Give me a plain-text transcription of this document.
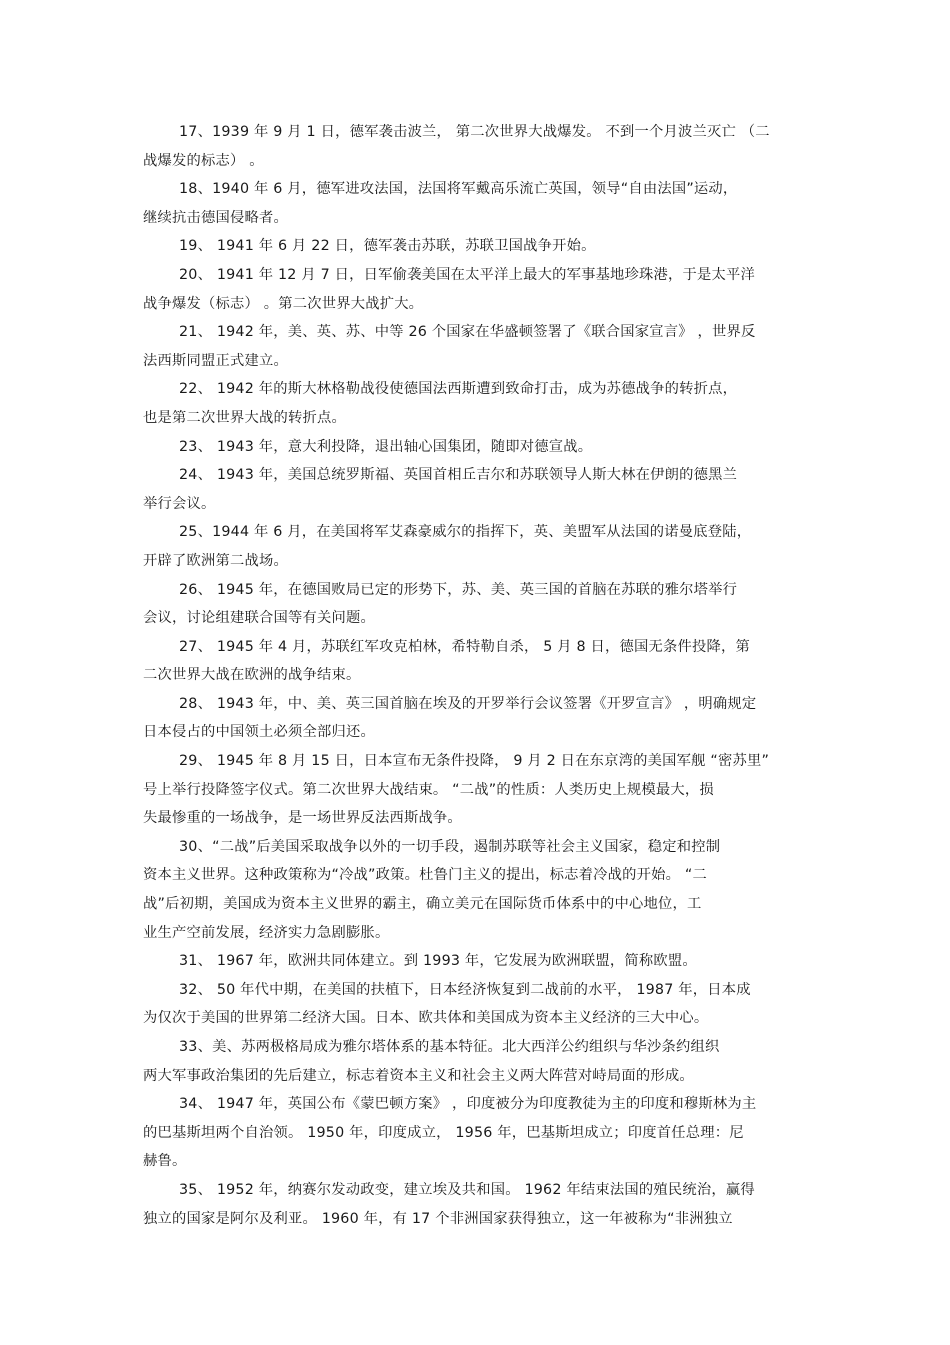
17、1939 年 9 月 1 日，德军袭击波兰， 第二次世界大战爆发。 不到一个月波兰灭亡 （二
战爆发的标志） 。
18、1940 年 6 月，德军进攻法国，法国将军戴高乐流亡英国，领导“自由法国”运动，
继续抗击德国侵略者。
19、 1941 年 6 月 22 日，德军袭击苏联，苏联卫国战争开始。
20、 1941 年 12 月 7 日，日军偷袭美国在太平洋上最大的军事基地珍珠港，于是太平洋
战争爆发（标志） 。第二次世界大战扩大。
21、 1942 年，美、英、苏、中等 26 个国家在华盛顿签署了《联合国家宣言》 ，世界反
法西斯同盟正式建立。
22、 1942 年的斯大林格勒战役使德国法西斯遭到致命打击，成为苏德战争的转折点，
也是第二次世界大战的转折点。
23、 1943 年，意大利投降，退出轴心国集团，随即对德宣战。
24、 1943 年，美国总统罗斯福、英国首相丘吉尔和苏联领导人斯大林在伊朗的德黑兰
举行会议。
25、1944 年 6 月，在美国将军艾森豪威尔的指挥下，英、美盟军从法国的诺曼底登陆，
开辟了欧洲第二战场。
26、 1945 年，在德国败局已定的形势下，苏、美、英三国的首脑在苏联的雅尔塔举行
会议，讨论组建联合国等有关问题。
27、 1945 年 4 月，苏联红军攻克柏林，希特勒自杀， 5 月 8 日，德国无条件投降，第
二次世界大战在欧洲的战争结束。
28、 1943 年，中、美、英三国首脑在埃及的开罗举行会议签署《开罗宣言》 ，明确规定
日本侵占的中国领土必须全部归还。
29、 1945 年 8 月 15 日，日本宣布无条件投降， 9 月 2 日在东京湾的美国军舰 “密苏里”
号上举行投降签字仪式。第二次世界大战结束。 “二战”的性质：人类历史上规模最大，损
失最惨重的一场战争，是一场世界反法西斯战争。
30、“二战”后美国采取战争以外的一切手段，遏制苏联等社会主义国家，稳定和控制
资本主义世界。这种政策称为“冷战”政策。杜鲁门主义的提出，标志着冷战的开始。 “二
战”后初期，美国成为资本主义世界的霸主，确立美元在国际货币体系中的中心地位，工
业生产空前发展，经济实力急剧膨胀。
31、 1967 年，欧洲共同体建立。到 1993 年，它发展为欧洲联盟，简称欧盟。
32、 50 年代中期，在美国的扶植下，日本经济恢复到二战前的水平， 1987 年，日本成
为仅次于美国的世界第二经济大国。日本、欧共体和美国成为资本主义经济的三大中心。
33、美、苏两极格局成为雅尔塔体系的基本特征。北大西洋公约组织与华沙条约组织
两大军事政治集团的先后建立，标志着资本主义和社会主义两大阵营对峙局面的形成。
34、 1947 年，英国公布《蒙巴顿方案》 ，印度被分为印度教徒为主的印度和穆斯林为主
的巴基斯坦两个自治领。 1950 年，印度成立， 1956 年，巴基斯坦成立；印度首任总理：尼
赫鲁。
35、 1952 年，纳赛尔发动政变，建立埃及共和国。 1962 年结束法国的殖民统治，赢得
独立的国家是阿尔及利亚。 1960 年，有 17 个非洲国家获得独立，这一年被称为“非洲独立
